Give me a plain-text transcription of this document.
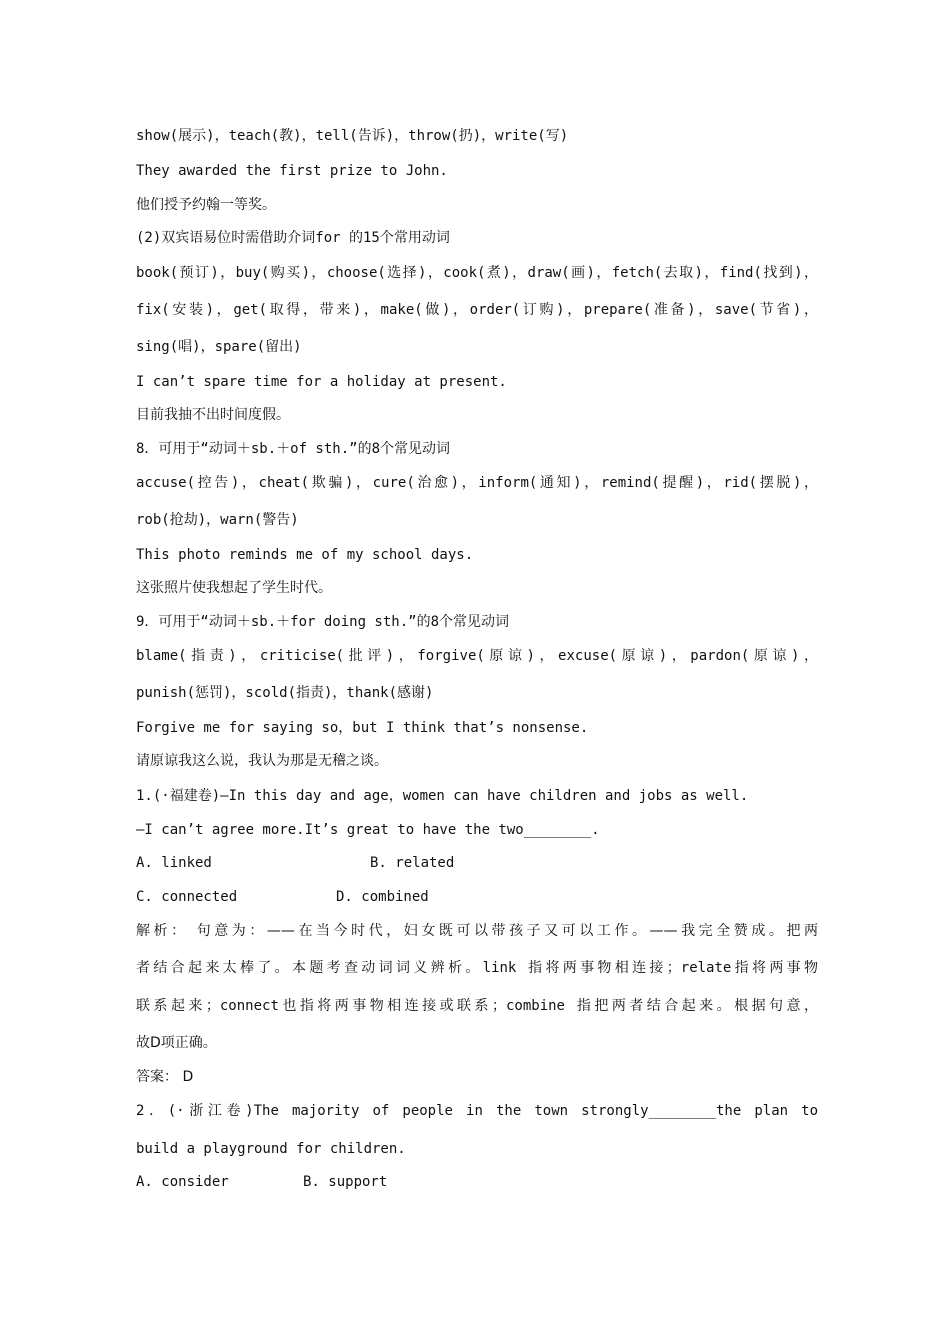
show(展示)，teach(教)，tell(告诉)，throw(扔)，write(写)
They awarded the first prize to John.
他们授予约翰一等奖。
(2)双宾语易位时需借助介词for 的15个常用动词
book(预订)，buy(购买)，choose(选择)，cook(煮)，draw(画)，fetch(去取)，find(找到)，
fix(安装)，get(取得，带来)，make(做)，order(订购)，prepare(准备)，save(节省)，
sing(唱)，spare(留出)
I can’t spare time for a holiday at present.
目前我抽不出时间度假。
8．可用于“动词＋sb.＋of sth.”的8个常见动词
accuse(控告)，cheat(欺骗)，cure(治愈)，inform(通知)，remind(提醒)，rid(摆脱)，
rob(抢劫)，warn(警告)
This photo reminds me of my school days.
这张照片使我想起了学生时代。
9．可用于“动词＋sb.＋for doing sth.”的8个常见动词
blame(指责)，criticise(批评)，forgive(原谅)，excuse(原谅)，pardon(原谅)，
punish(惩罚)，scold(指责)，thank(感谢)
Forgive me for saying so，but I think that’s nonsense.
请原谅我这么说，我认为那是无稽之谈。
1.(·福建卷)—In this day and age，women can have children and jobs as well.
—I can’t agree more.It’s great to have the two________.
A. linked	B. related
C. connected	D. combined
解析： 句意为：——在当今时代，妇女既可以带孩子又可以工作。——我完全赞成。把两
者结合起来太棒了。本题考查动词词义辨析。link 指将两事物相连接；relate指将两事物
联系起来；connect也指将两事物相连接或联系；combine 指把两者结合起来。根据句意，
故D项正确。
答案： D
2．(·浙江卷)The majority of people in the town strongly________the plan to
build a playground for children.
A. consider	B. support
